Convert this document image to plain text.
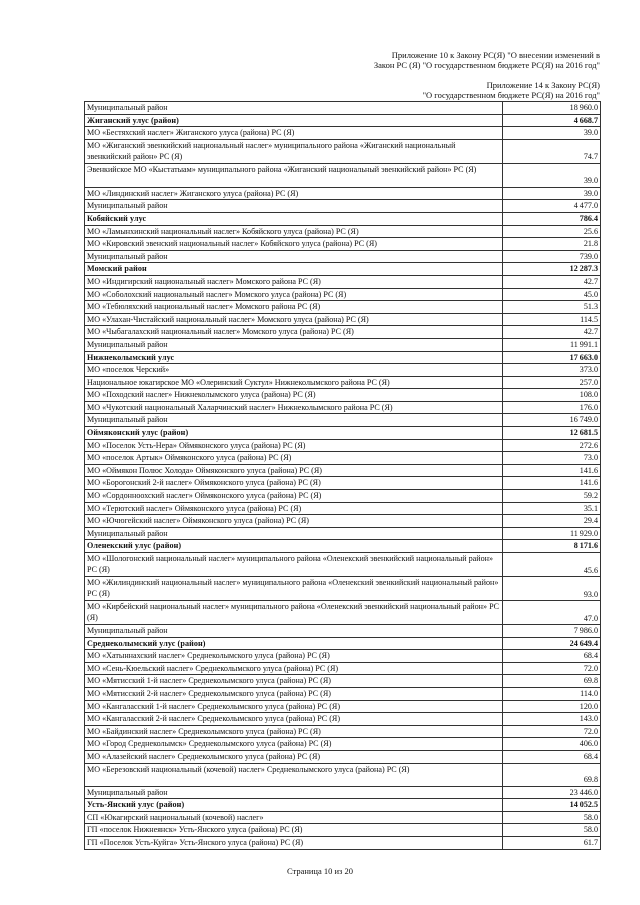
Приложение 10 к Закону РС(Я) "О внесении изменений в
Закон РС (Я) "О государственном бюджете РС(Я) на 2016 год"
Приложение 14 к Закону РС(Я)
"О государственном бюджете РС(Я) на 2016 год"
Муниципальный район	18 960.0
Жиганский улус (район)	4 668.7
МО «Бестяхский наслег» Жиганского улуса (района) РС (Я)	39.0
МО «Жиганский эвенкийский национальный наслег» муниципального района «Жиганский национальный эвенкийский район» РС (Я)	74.7
Эвенкийское МО «Кыстатыам» муниципального района «Жиганский национальный эвенкийский район» РС (Я)	39.0
МО «Линдинский наслег» Жиганского улуса (района) РС (Я)	39.0
Муниципальный район	4 477.0
Кобяйский улус	786.4
МО «Ламынхинский национальный наслег» Кобяйского улуса (района) РС (Я)	25.6
МО «Кировский эвенский национальный наслег» Кобяйского улуса (района) РС (Я)	21.8
Муниципальный район	739.0
Момский район	12 287.3
МО «Индигирский национальный наслег» Момского района РС (Я)	42.7
МО «Соболохский национальный наслег» Момского улуса (района) РС (Я)	45.0
МО «Тебюляхский национальный наслег» Момского района РС (Я)	51.3
МО «Улахан-Чистайский национальный наслег» Момского улуса (района) РС (Я)	114.5
МО «Чыбагалахский национальный наслег» Момского улуса (района) РС (Я)	42.7
Муниципальный район	11 991.1
Нижнеколымский улус	17 663.0
МО «поселок Черский»	373.0
Национальное юкагирское МО «Олеринский Суктул» Нижнеколымского района РС (Я)	257.0
МО «Походский наслег» Нижнеколымского улуса (района) РС (Я)	108.0
МО «Чукотский национальный Халарчинский наслег» Нижнеколымского района РС (Я)	176.0
Муниципальный район	16 749.0
Оймяконский улус (район)	12 681.5
МО «Поселок Усть-Нера» Оймяконского улуса (района) РС (Я)	272.6
МО «поселок Артык» Оймяконского улуса (района) РС (Я)	73.0
МО «Оймякон Полюс Холода» Оймяконского улуса (района) РС (Я)	141.6
МО «Борогонский 2-й наслег» Оймяконского улуса (района) РС (Я)	141.6
МО «Сордонноохский наслег» Оймяконского улуса (района) РС (Я)	59.2
МО «Терютский наслег» Оймяконского улуса (района) РС (Я)	35.1
МО «Ючюгейский наслег» Оймяконского улуса (района) РС (Я)	29.4
Муниципальный район	11 929.0
Оленекский улус (район)	8 171.6
МО «Шологонский национальный наслег» муниципального района «Оленекский эвенкийский национальный район» РС (Я)	45.6
МО «Жилиндинский национальный наслег» муниципального района «Оленекский эвенкийский национальный район» РС (Я)	93.0
МО «Кирбейский национальный наслег» муниципального района «Оленекский эвенкийский национальный район» РС (Я)	47.0
Муниципальный район	7 986.0
Среднеколымский улус (район)	24 649.4
МО «Хатыннахский наслег» Среднеколымского улуса (района) РС (Я)	68.4
МО «Сень-Кюельский наслег» Среднеколымского улуса (района) РС (Я)	72.0
МО «Мятисский 1-й наслег» Среднеколымского улуса (района) РС (Я)	69.8
МО «Мятисский 2-й наслег» Среднеколымского улуса (района) РС (Я)	114.0
МО «Кангаласский 1-й наслег» Среднеколымского улуса (района) РС (Я)	120.0
МО «Кангаласский 2-й наслег» Среднеколымского улуса (района) РС (Я)	143.0
МО «Байдинский наслег» Среднеколымского улуса (района) РС (Я)	72.0
МО «Город Среднеколымск» Среднеколымского улуса (района) РС (Я)	406.0
МО «Алазейский наслег» Среднеколымского улуса (района) РС (Я)	68.4
МО «Березовский национальный (кочевой) наслег» Среднеколымского улуса (района) РС (Я)	69.8
Муниципальный район	23 446.0
Усть-Янский улус (район)	14 052.5
СП «Юкагирский национальный (кочевой) наслег»	58.0
ГП «поселок Нижнеянск» Усть-Янского улуса (района) РС (Я)	58.0
ГП «Поселок Усть-Куйга» Усть-Янского улуса (района) РС (Я)	61.7
Страница 10 из 20
